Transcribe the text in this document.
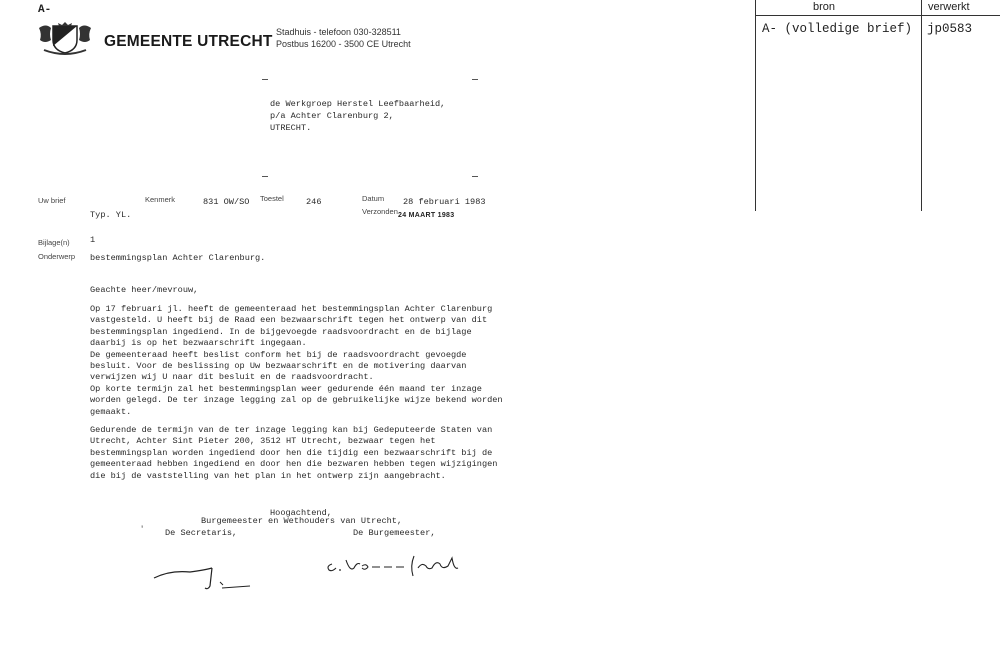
A-
GEMEENTE UTRECHT
Stadhuis - telefoon 030-328511
Postbus 16200 - 3500 CE Utrecht
de Werkgroep Herstel Leefbaarheid,
p/a Achter Clarenburg 2,
UTRECHT.
Uw brief	Kenmerk	831 OW/SO Toestel	246	Datum 28 februari 1983
Verzonden 24 MAART 1983
Typ. YL.
Bijlage(n) 1
Onderwerp bestemmingsplan Achter Clarenburg.
Geachte heer/mevrouw,
Op 17 februari jl. heeft de gemeenteraad het bestemmingsplan Achter Clarenburg
vastgesteld. U heeft bij de Raad een bezwaarschrift tegen het ontwerp van dit
bestemmingsplan ingediend. In de bijgevoegde raadsvoordracht en de bijlage
daarbij is op het bezwaarschrift ingegaan.
De gemeenteraad heeft beslist conform het bij de raadsvoordracht gevoegde
besluit. Voor de beslissing op Uw bezwaarschrift en de motivering daarvan
verwijzen wij U naar dit besluit en de raadsvoordracht.
Op korte termijn zal het bestemmingsplan weer gedurende één maand ter inzage
worden gelegd. De ter inzage legging zal op de gebruikelijke wijze bekend worden
gemaakt.
Gedurende de termijn van de ter inzage legging kan bij Gedeputeerde Staten van
Utrecht, Achter Sint Pieter 200, 3512 HT Utrecht, bezwaar tegen het
bestemmingsplan worden ingediend door hen die tijdig een bezwaarschrift bij de
gemeenteraad hebben ingediend en door hen die bezwaren hebben tegen wijzigingen
die bij de vaststelling van het plan in het ontwerp zijn aangebracht.
Hoogachtend,
Burgemeester en Wethouders van Utrecht,
De Secretaris,	De Burgemeester,
'
bron	verwerkt
A- (volledige brief) jp0583
